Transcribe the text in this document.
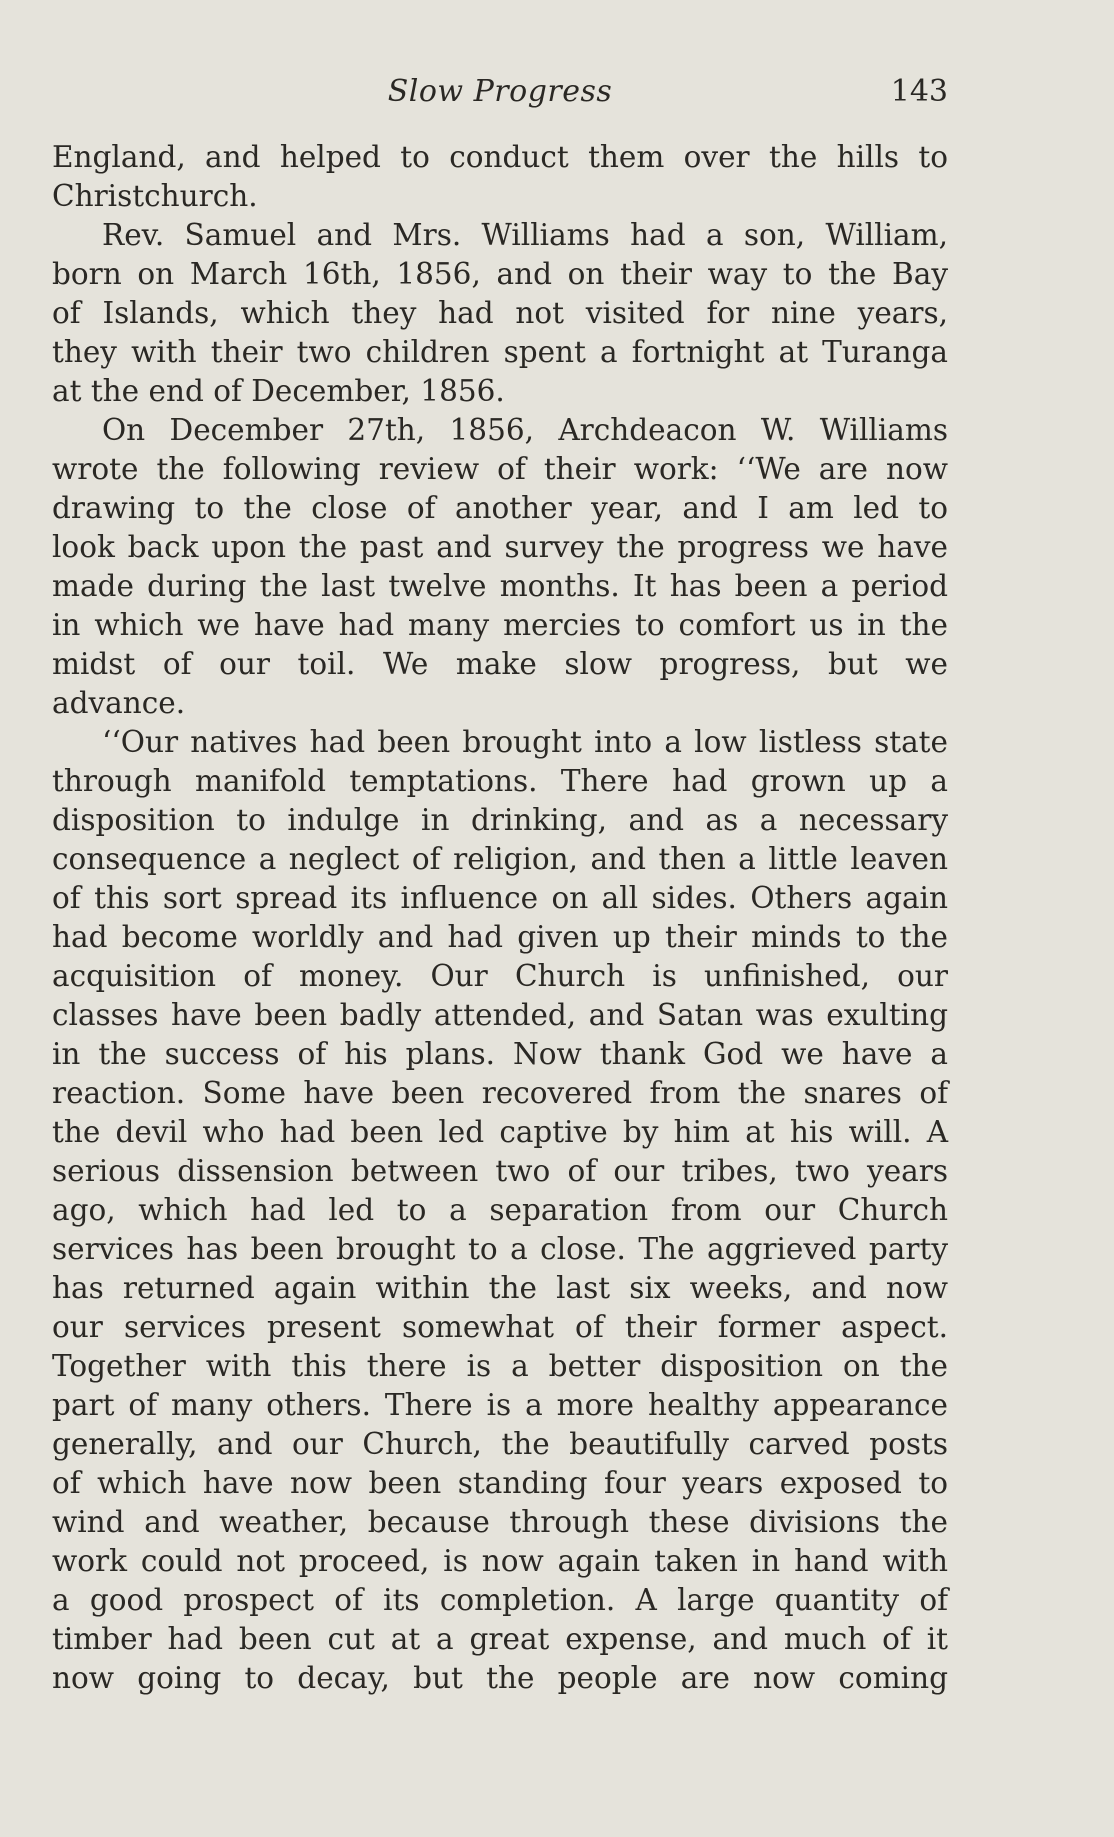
Slow Progress	143
England, and helped to conduct them over the hills to
Christchurch.
Rev. Samuel and Mrs. Williams had a son, William,
born on March 16th, 1856, and on their way to the Bay
of Islands, which they had not visited for nine years,
they with their two children spent a fortnight at Turanga
at the end of December, 1856.
On December 27th, 1856, Archdeacon W. Williams
wrote the following review of their work: ‘‘We are now
drawing to the close of another year, and I am led to
look back upon the past and survey the progress we have
made during the last twelve months. It has been a period
in which we have had many mercies to comfort us in the
midst of our toil. We make slow progress, but we
advance.
‘‘Our natives had been brought into a low listless state
through manifold temptations. There had grown up a
disposition to indulge in drinking, and as a necessary
consequence a neglect of religion, and then a little leaven
of this sort spread its influence on all sides. Others again
had become worldly and had given up their minds to the
acquisition of money. Our Church is unfinished, our
classes have been badly attended, and Satan was exulting
in the success of his plans. Now thank God we have a
reaction. Some have been recovered from the snares of
the devil who had been led captive by him at his will. A
serious dissension between two of our tribes, two years
ago, which had led to a separation from our Church
services has been brought to a close. The aggrieved party
has returned again within the last six weeks, and now
our services present somewhat of their former aspect.
Together with this there is a better disposition on the
part of many others. There is a more healthy appearance
generally, and our Church, the beautifully carved posts
of which have now been standing four years exposed to
wind and weather, because through these divisions the
work could not proceed, is now again taken in hand with
a good prospect of its completion. A large quantity of
timber had been cut at a great expense, and much of it
now going to decay, but the people are now coming
